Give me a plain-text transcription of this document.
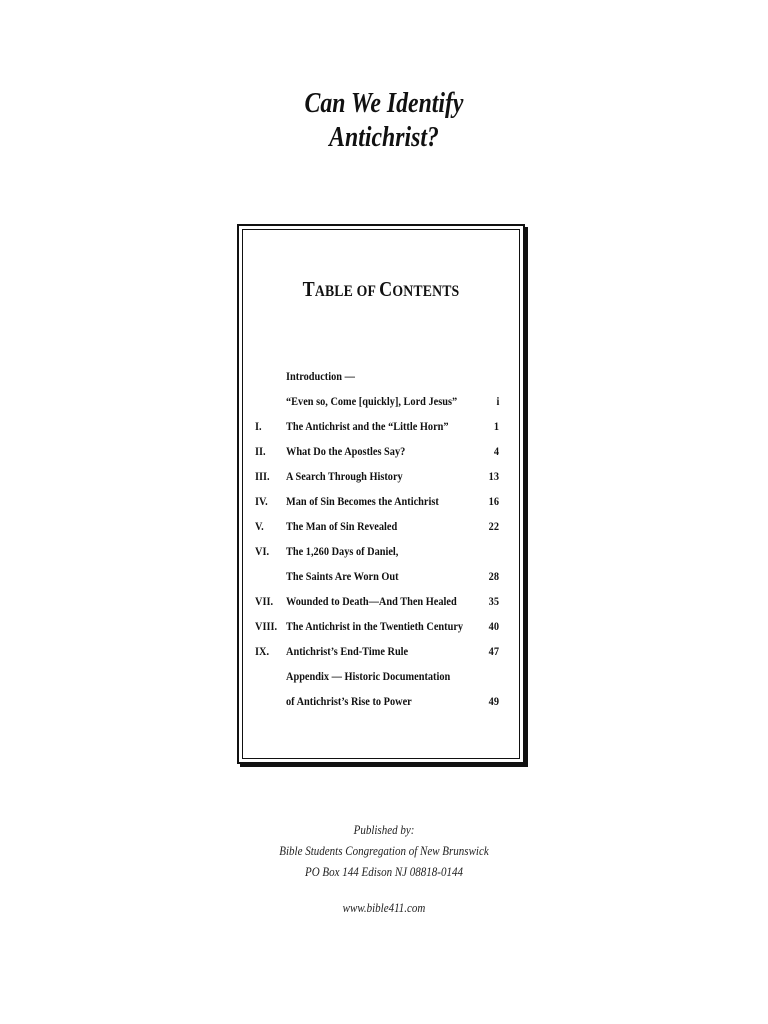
Can We Identify
Antichrist?
TABLE OF CONTENTS
Introduction —
“Even so, Come [quickly], Lord Jesus”	i
I. The Antichrist and the “Little Horn”	1
II. What Do the Apostles Say?	4
III. A Search Through History	13
IV. Man of Sin Becomes the Antichrist	16
V. The Man of Sin Revealed	22
VI. The 1,260 Days of Daniel,
The Saints Are Worn Out	28
VII. Wounded to Death—And Then Healed	35
VIII. The Antichrist in the Twentieth Century 40
IX. Antichrist’s End-Time Rule	47
Appendix — Historic Documentation
of Antichrist’s Rise to Power	49
Published by:
Bible Students Congregation of New Brunswick
PO Box 144 Edison NJ 08818-0144
www.bible411.com
